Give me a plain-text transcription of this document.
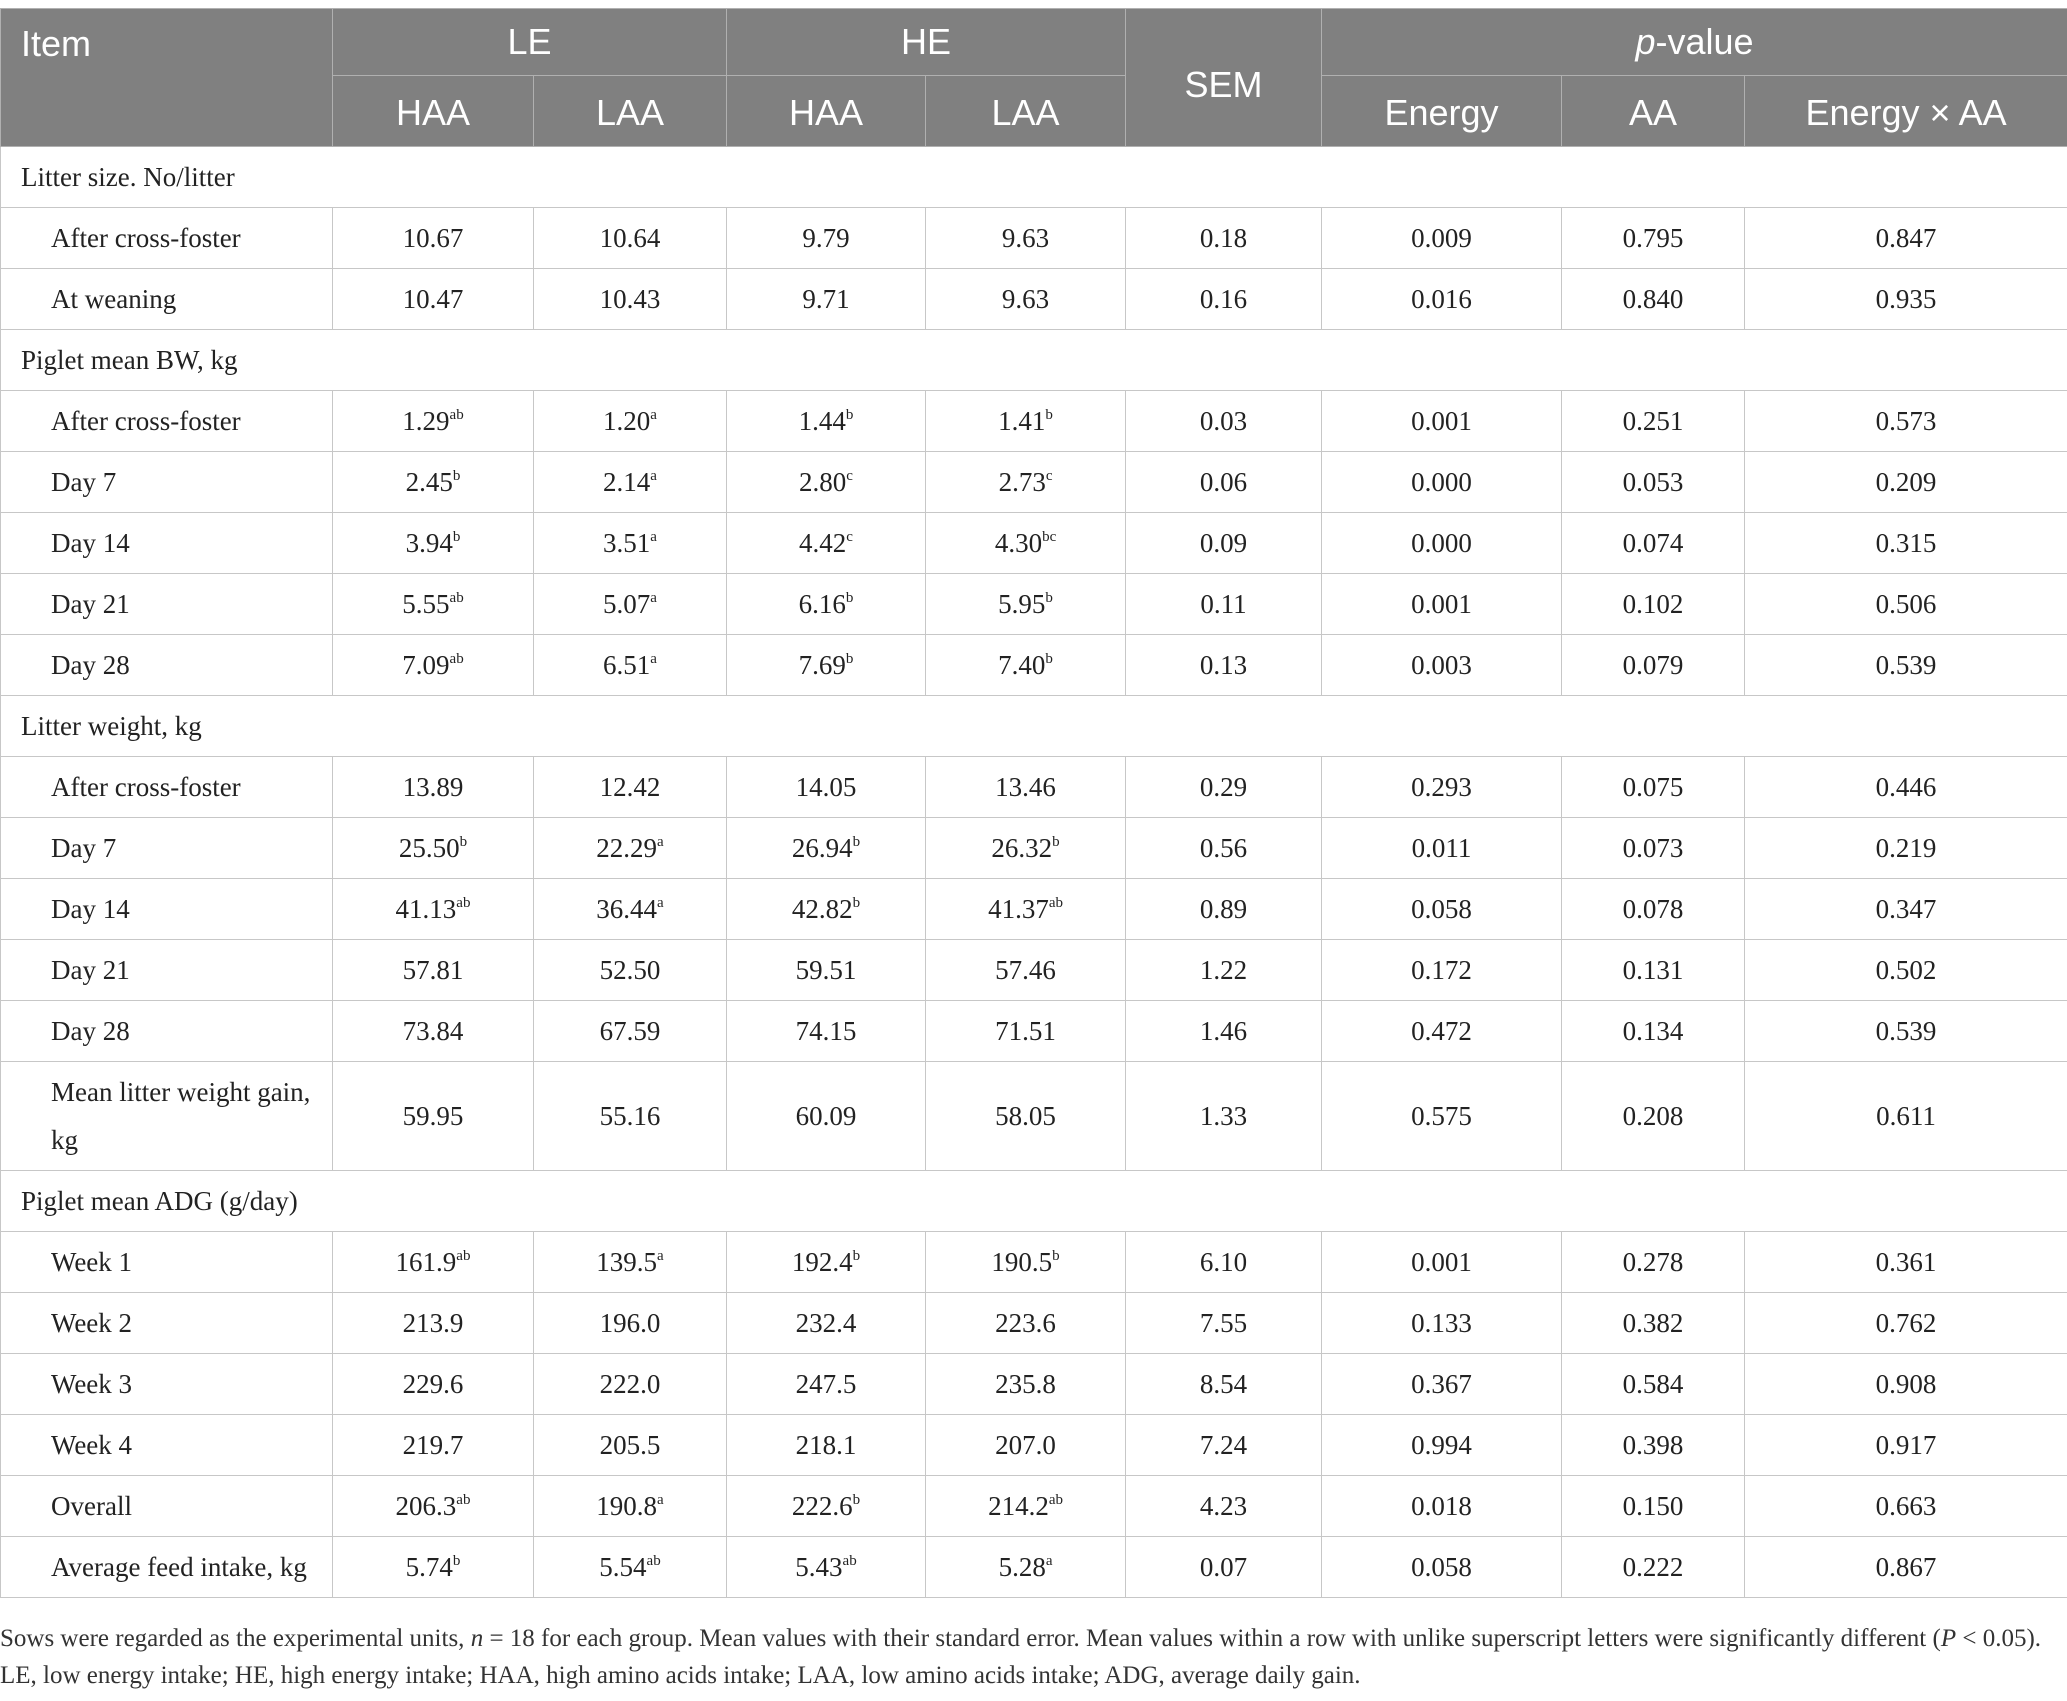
Item	LE		HE		SEM	p-value		
	HAA	LAA	HAA	LAA		Energy	AA	Energy × AA
Litter size. No/litter								
After cross-foster	10.67	10.64	9.79	9.63	0.18	0.009	0.795	0.847
At weaning	10.47	10.43	9.71	9.63	0.16	0.016	0.840	0.935
Piglet mean BW, kg								
After cross-foster	1.29$^{ab}$	1.20$^a$	1.44$^b$	1.41$^b$	0.03	0.001	0.251	0.573
Day 7	2.45$^b$	2.14$^a$	2.80$^c$	2.73$^c$	0.06	0.000	0.053	0.209
Day 14	3.94$^b$	3.51$^a$	4.42$^c$	4.30$^{bc}$	0.09	0.000	0.074	0.315
Day 21	5.55$^{ab}$	5.07$^a$	6.16$^b$	5.95$^b$	0.11	0.001	0.102	0.506
Day 28	7.09$^{ab}$	6.51$^a$	7.69$^b$	7.40$^b$	0.13	0.003	0.079	0.539
Litter weight, kg								
After cross-foster	13.89	12.42	14.05	13.46	0.29	0.293	0.075	0.446
Day 7	25.50$^b$	22.29$^a$	26.94$^b$	26.32$^b$	0.56	0.011	0.073	0.219
Day 14	41.13$^{ab}$	36.44$^a$	42.82$^b$	41.37$^{ab}$	0.89	0.058	0.078	0.347
Day 21	57.81	52.50	59.51	57.46	1.22	0.172	0.131	0.502
Day 28	73.84	67.59	74.15	71.51	1.46	0.472	0.134	0.539
Mean litter weight gain, kg	59.95	55.16	60.09	58.05	1.33	0.575	0.208	0.611
Piglet mean ADG (g/day)								
Week 1	161.9$^{ab}$	139.5$^a$	192.4$^b$	190.5$^b$	6.10	0.001	0.278	0.361
Week 2	213.9	196.0	232.4	223.6	7.55	0.133	0.382	0.762
Week 3	229.6	222.0	247.5	235.8	8.54	0.367	0.584	0.908
Week 4	219.7	205.5	218.1	207.0	7.24	0.994	0.398	0.917
Overall	206.3$^{ab}$	190.8$^a$	222.6$^b$	214.2$^{ab}$	4.23	0.018	0.150	0.663
Average feed intake, kg	5.74$^b$	5.54$^{ab}$	5.43$^{ab}$	5.28$^a$	0.07	0.058	0.222	0.867
Sows were regarded as the experimental units, n = 18 for each group. Mean values with their standard error. Mean values within a row with unlike superscript letters were significantly different (P < 0.05). LE, low energy intake; HE, high energy intake; HAA, high amino acids intake; LAA, low amino acids intake; ADG, average daily gain.
